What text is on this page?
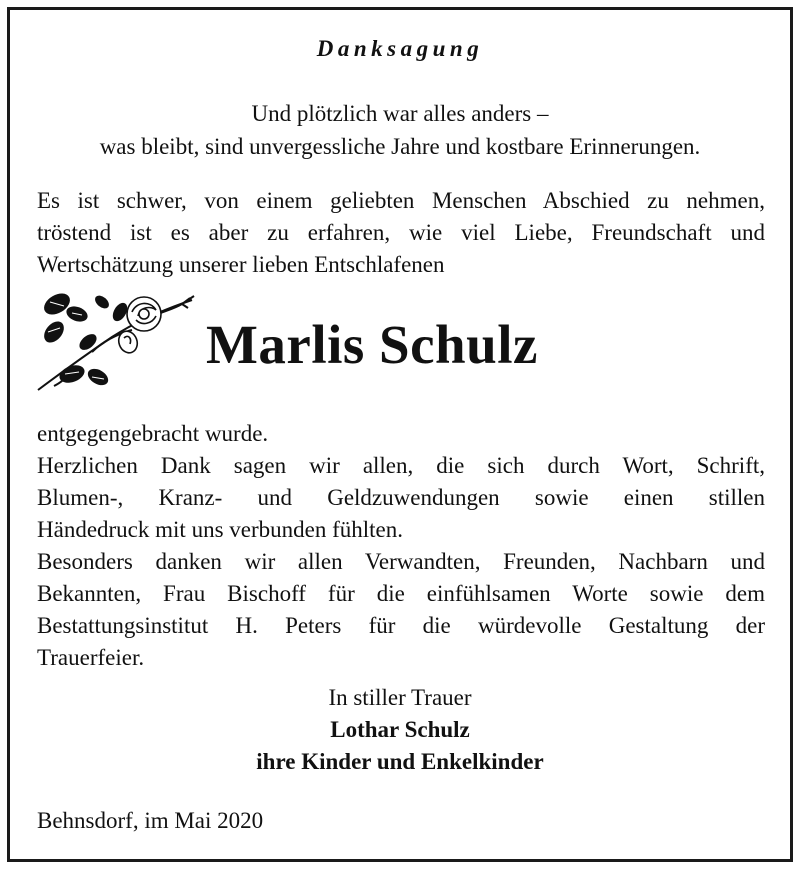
Danksagung
Und plötzlich war alles anders –
was bleibt, sind unvergessliche Jahre und kostbare Erinnerungen.
Es ist schwer, von einem geliebten Menschen Abschied zu nehmen,
tröstend ist es aber zu erfahren, wie viel Liebe, Freundschaft und
Wertschätzung unserer lieben Entschlafenen
Marlis Schulz
entgegengebracht wurde.
Herzlichen Dank sagen wir allen, die sich durch Wort, Schrift,
Blumen-, Kranz- und Geldzuwendungen sowie einen stillen
Händedruck mit uns verbunden fühlten.
Besonders danken wir allen Verwandten, Freunden, Nachbarn und
Bekannten, Frau Bischoff für die einfühlsamen Worte sowie dem
Bestattungsinstitut H. Peters für die würdevolle Gestaltung der
Trauerfeier.
In stiller Trauer
Lothar Schulz
ihre Kinder und Enkelkinder
Behnsdorf, im Mai 2020
